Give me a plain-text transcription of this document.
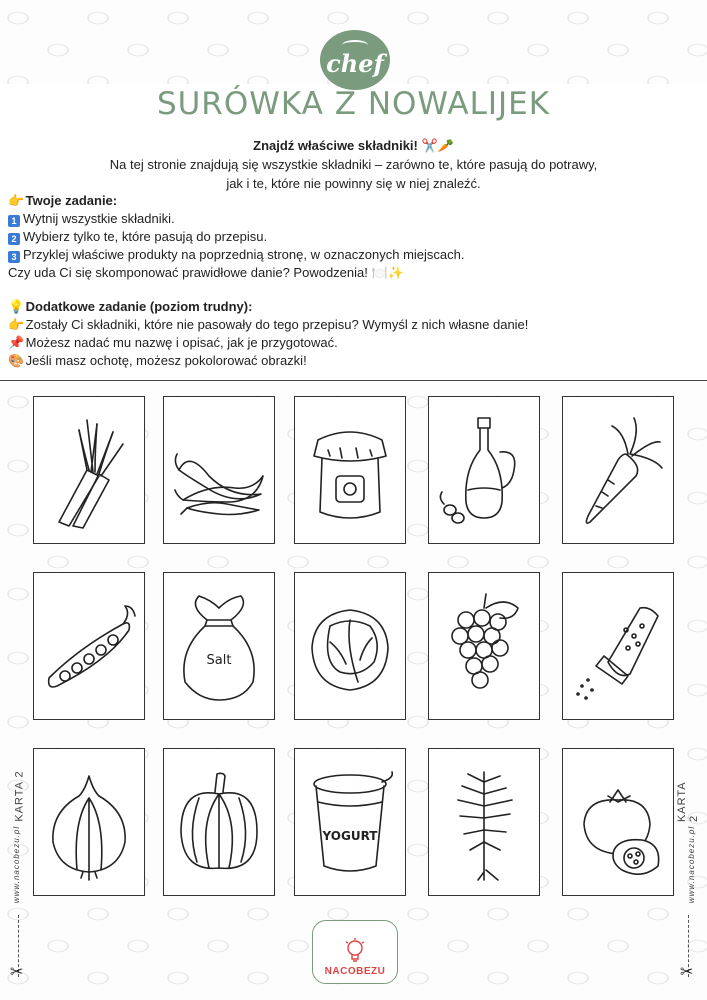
chef
SURÓWKA Z NOWALIJEK
Znajdź właściwe składniki! ✂️🥕
Na tej stronie znajdują się wszystkie składniki – zarówno te, które pasują do potrawy,
jak i te, które nie powinny się w niej znaleźć.
👉 Twoje zadanie:
1 Wytnij wszystkie składniki.
2 Wybierz tylko te, które pasują do przepisu.
3 Przyklej właściwe produkty na poprzednią stronę, w oznaczonych miejscach.
Czy uda Ci się skomponować prawidłowe danie? Powodzenia! 🍽️✨
💡 Dodatkowe zadanie (poziom trudny):
👉 Zostały Ci składniki, które nie pasowały do tego przepisu? Wymyśl z nich własne danie!
📌 Możesz nadać mu nazwę i opisać, jak je przygotować.
🎨 Jeśli masz ochotę, możesz pokolorować obrazki!
Salt
YOGURT
KARTA 2	KARTA 2
www.nacobezu.pl	www.nacobezu.pl
✂	✂
NACOBEZU
